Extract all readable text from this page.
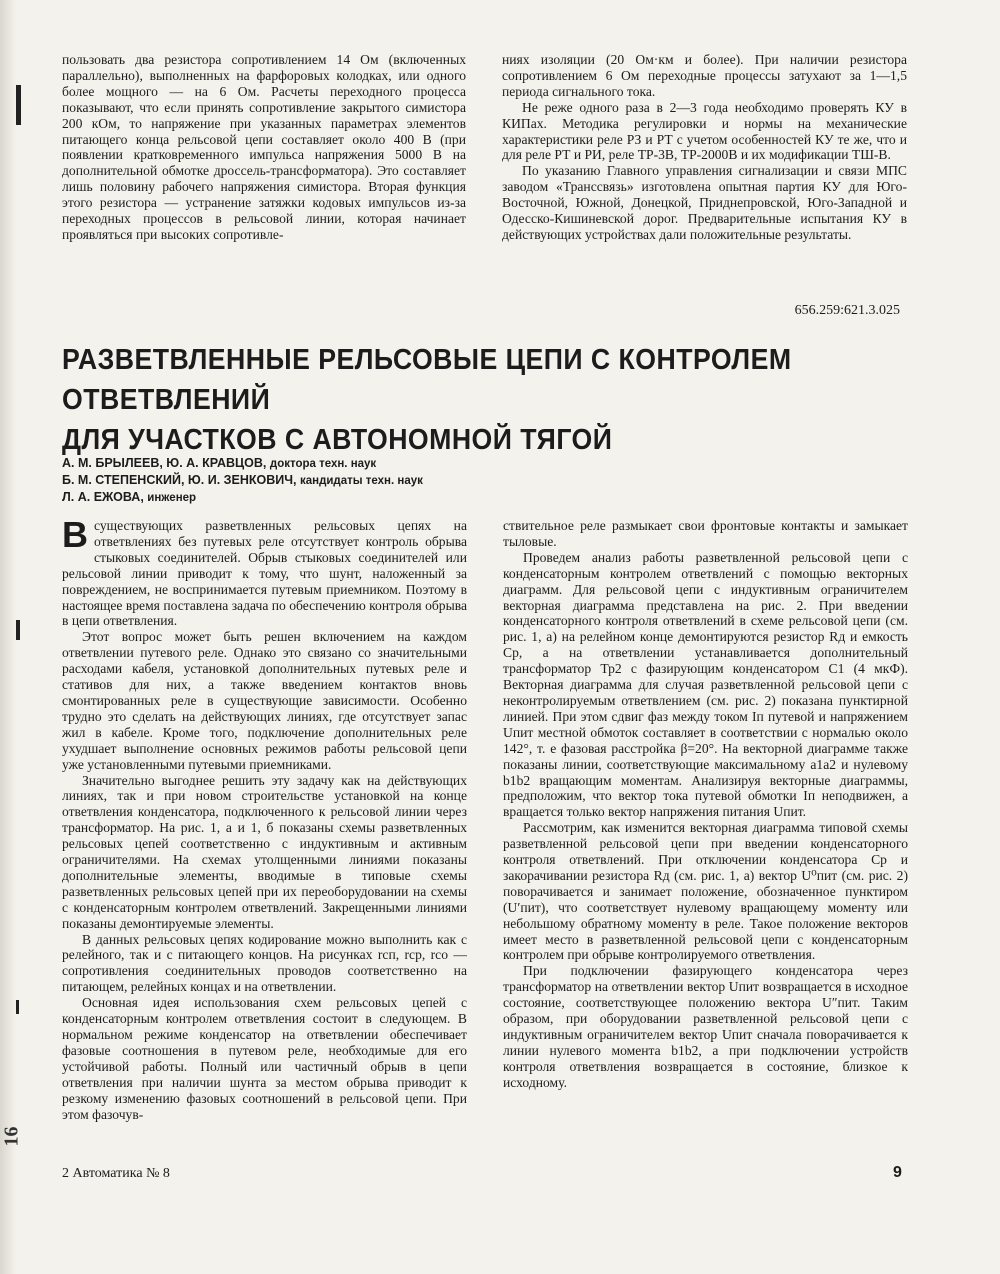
16

пользовать два резистора сопротивлением 14 Ом (включенных параллельно), выполненных на фарфоровых колодках, или одного более мощного — на 6 Ом. Расчеты переходного процесса показывают, что если принять сопротивление закрытого симистора 200 кОм, то напряжение при указанных параметрах элементов питающего конца рельсовой цепи составляет около 400 В (при появлении кратковременного импульса напряжения 5000 В на дополнительной обмотке дроссель-трансформатора). Это составляет лишь половину рабочего напряжения симистора. Вторая функция этого резистора — устранение затяжки кодовых импульсов из-за переходных процессов в рельсовой линии, которая начинает проявляться при высоких сопротивле-

ниях изоляции (20 Ом·км и более). При наличии резистора сопротивлением 6 Ом переходные процессы затухают за 1—1,5 периода сигнального тока.

Не реже одного раза в 2—3 года необходимо проверять КУ в КИПах. Методика регулировки и нормы на механические характеристики реле РЗ и РТ с учетом особенностей КУ те же, что и для реле РТ и РИ, реле ТР-3В, ТР-2000В и их модификации ТШ-В.

По указанию Главного управления сигнализации и связи МПС заводом «Транссвязь» изготовлена опытная партия КУ для Юго-Восточной, Южной, Донецкой, Приднепровской, Юго-Западной и Одесско-Кишиневской дорог. Предварительные испытания КУ в действующих устройствах дали положительные результаты.

656.259:621.3.025
РАЗВЕТВЛЕННЫЕ РЕЛЬСОВЫЕ ЦЕПИ С КОНТРОЛЕМ ОТВЕТВЛЕНИЙ
ДЛЯ УЧАСТКОВ С АВТОНОМНОЙ ТЯГОЙ
А. М. БРЫЛЕЕВ, Ю. А. КРАВЦОВ, доктора техн. наук
Б. М. СТЕПЕНСКИЙ, Ю. И. ЗЕНКОВИЧ, кандидаты техн. наук
Л. А. ЕЖОВА, инженер

Всуществующих разветвленных рельсовых цепях на ответвлениях без путевых реле отсутствует контроль обрыва стыковых соединителей. Обрыв стыковых соединителей или рельсовой линии приводит к тому, что шунт, наложенный за повреждением, не воспринимается путевым приемником. Поэтому в настоящее время поставлена задача по обеспечению контроля обрыва в цепи ответвления.

Этот вопрос может быть решен включением на каждом ответвлении путевого реле. Однако это связано со значительными расходами кабеля, установкой дополнительных путевых реле и стативов для них, а также введением контактов вновь смонтированных реле в существующие зависимости. Особенно трудно это сделать на действующих линиях, где отсутствует запас жил в кабеле. Кроме того, подключение дополнительных реле ухудшает выполнение основных режимов работы рельсовой цепи уже установленными путевыми приемниками.

Значительно выгоднее решить эту задачу как на действующих линиях, так и при новом строительстве установкой на конце ответвления конденсатора, подключенного к рельсовой линии через трансформатор. На рис. 1, а и 1, б показаны схемы разветвленных рельсовых цепей соответственно с индуктивным и активным ограничителями. На схемах утолщенными линиями показаны дополнительные элементы, вводимые в типовые схемы разветвленных рельсовых цепей при их переоборудовании на схемы с конденсаторным контролем ответвлений. Закрещенными линиями показаны демонтируемые элементы.

В данных рельсовых цепях кодирование можно выполнить как с релейного, так и с питающего концов. На рисунках rсп, rср, rсо — сопротивления соединительных проводов соответственно на питающем, релейных концах и на ответвлении.

Основная идея использования схем рельсовых цепей с конденсаторным контролем ответвления состоит в следующем. В нормальном режиме конденсатор на ответвлении обеспечивает фазовые соотношения в путевом реле, необходимые для его устойчивой работы. Полный или частичный обрыв в цепи ответвления при наличии шунта за местом обрыва приводит к резкому изменению фазовых соотношений в рельсовой цепи. При этом фазочув-

ствительное реле размыкает свои фронтовые контакты и замыкает тыловые.

Проведем анализ работы разветвленной рельсовой цепи с конденсаторным контролем ответвлений с помощью векторных диаграмм. Для рельсовой цепи с индуктивным ограничителем векторная диаграмма представлена на рис. 2. При введении конденсаторного контроля ответвлений в схеме рельсовой цепи (см. рис. 1, а) на релейном конце демонтируются резистор Rд и емкость Ср, а на ответвлении устанавливается дополнительный трансформатор Тр2 с фазирующим конденсатором С1 (4 мкФ). Векторная диаграмма для случая разветвленной рельсовой цепи с неконтролируемым ответвлением (см. рис. 2) показана пунктирной линией. При этом сдвиг фаз между током Iп путевой и напряжением Uпит местной обмоток составляет в соответствии с нормалью около 142°, т. е фазовая расстройка β=20°. На векторной диаграмме также показаны линии, соответствующие максимальному a1a2 и нулевому b1b2 вращающим моментам. Анализируя векторные диаграммы, предположим, что вектор тока путевой обмотки Iп неподвижен, а вращается только вектор напряжения питания Uпит.

Рассмотрим, как изменится векторная диаграмма типовой схемы разветвленной рельсовой цепи при введении конденсаторного контроля ответвлений. При отключении конденсатора Ср и закорачивании резистора Rд (см. рис. 1, а) вектор U⁰пит (см. рис. 2) поворачивается и занимает положение, обозначенное пунктиром (U′пит), что соответствует нулевому вращающему моменту или небольшому обратному моменту в реле. Такое положение векторов имеет место в разветвленной рельсовой цепи с конденсаторным контролем при обрыве контролируемого ответвления.

При подключении фазирующего конденсатора через трансформатор на ответвлении вектор Uпит возвращается в исходное состояние, соответствующее положению вектора U″пит. Таким образом, при оборудовании разветвленной рельсовой цепи с индуктивным ограничителем вектор Uпит сначала поворачивается к линии нулевого момента b1b2, а при подключении устройств контроля ответвления возвращается в состояние, близкое к исходному.

2 Автоматика № 8	9
